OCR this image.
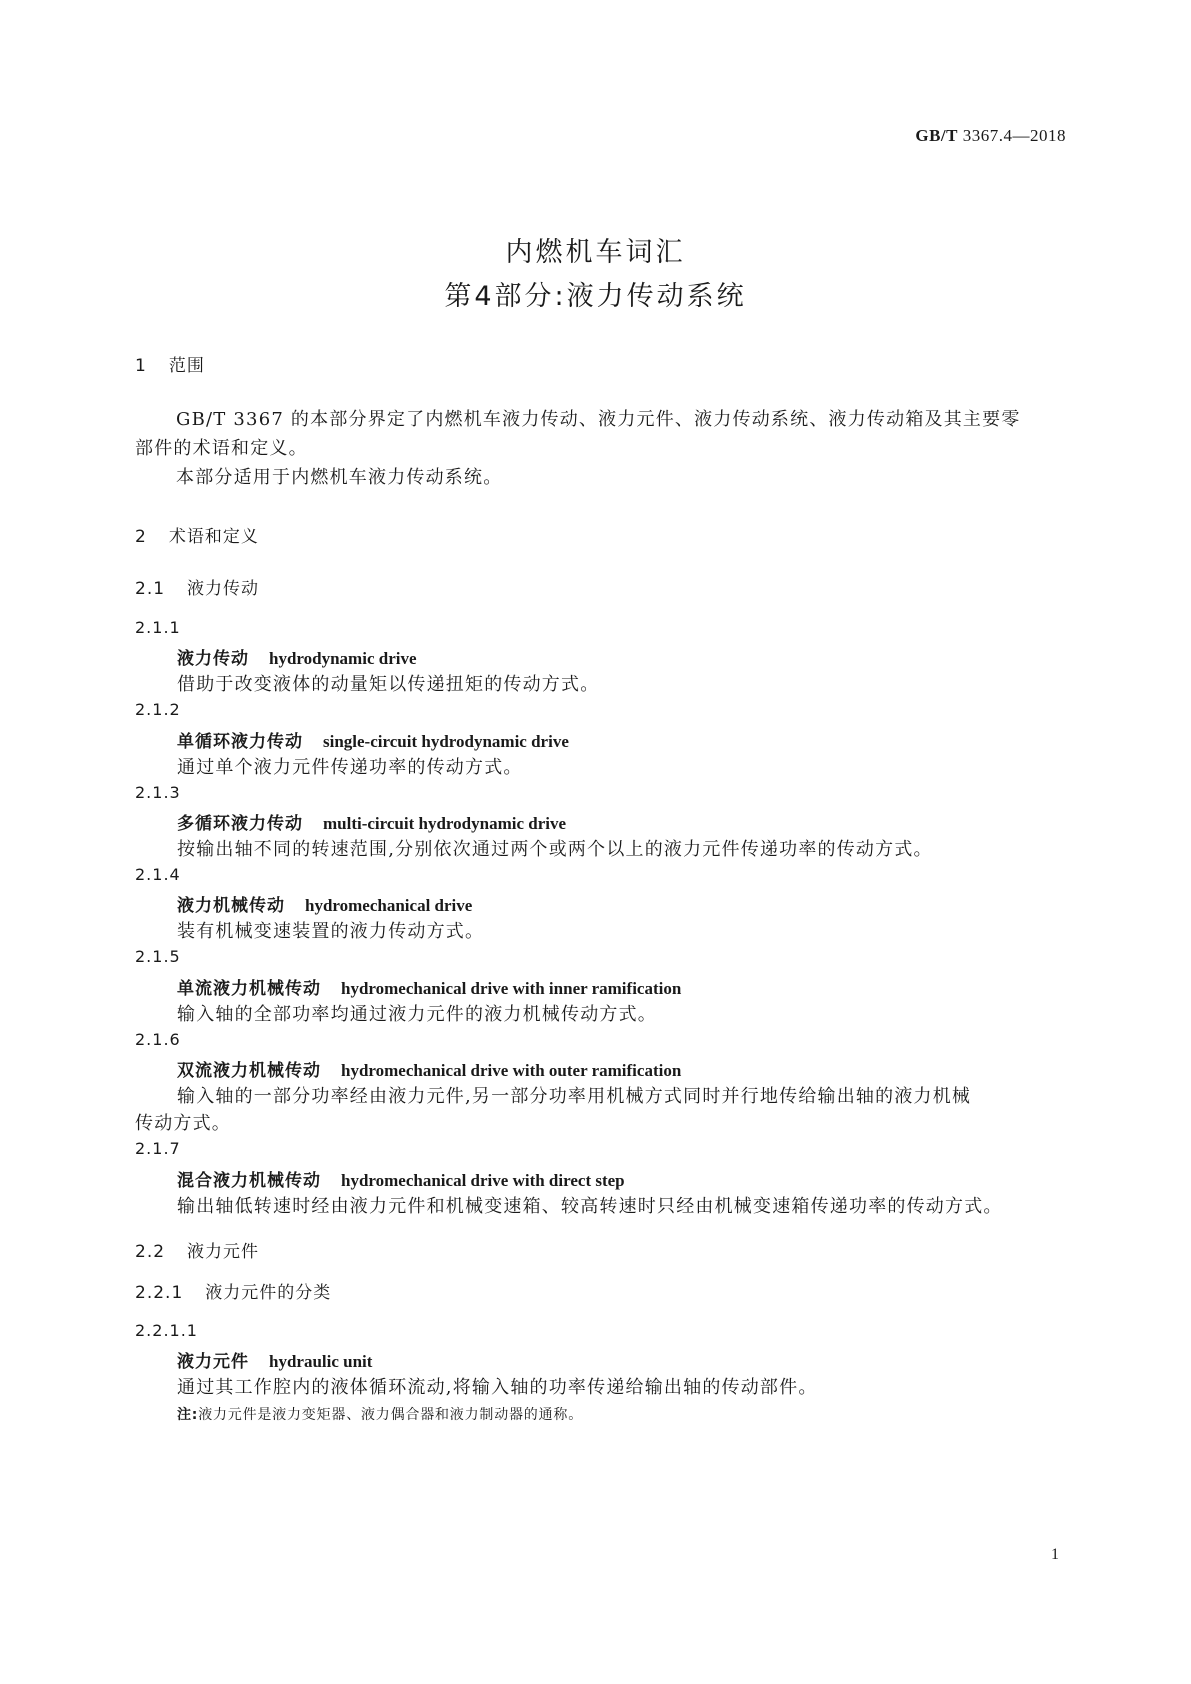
GB/T 3367.4—2018
内燃机车词汇
第4部分:液力传动系统
1 范围
GB/T 3367 的本部分界定了内燃机车液力传动、液力元件、液力传动系统、液力传动箱及其主要零
部件的术语和定义。
本部分适用于内燃机车液力传动系统。
2 术语和定义
2.1 液力传动
2.1.1
液力传动 hydrodynamic drive
借助于改变液体的动量矩以传递扭矩的传动方式。
2.1.2
单循环液力传动 single-circuit hydrodynamic drive
通过单个液力元件传递功率的传动方式。
2.1.3
多循环液力传动 multi-circuit hydrodynamic drive
按输出轴不同的转速范围,分别依次通过两个或两个以上的液力元件传递功率的传动方式。
2.1.4
液力机械传动 hydromechanical drive
装有机械变速装置的液力传动方式。
2.1.5
单流液力机械传动 hydromechanical drive with inner ramification
输入轴的全部功率均通过液力元件的液力机械传动方式。
2.1.6
双流液力机械传动 hydromechanical drive with outer ramification
输入轴的一部分功率经由液力元件,另一部分功率用机械方式同时并行地传给输出轴的液力机械
传动方式。
2.1.7
混合液力机械传动 hydromechanical drive with direct step
输出轴低转速时经由液力元件和机械变速箱、较高转速时只经由机械变速箱传递功率的传动方式。
2.2 液力元件
2.2.1 液力元件的分类
2.2.1.1
液力元件 hydraulic unit
通过其工作腔内的液体循环流动,将输入轴的功率传递给输出轴的传动部件。
注:液力元件是液力变矩器、液力偶合器和液力制动器的通称。
1
